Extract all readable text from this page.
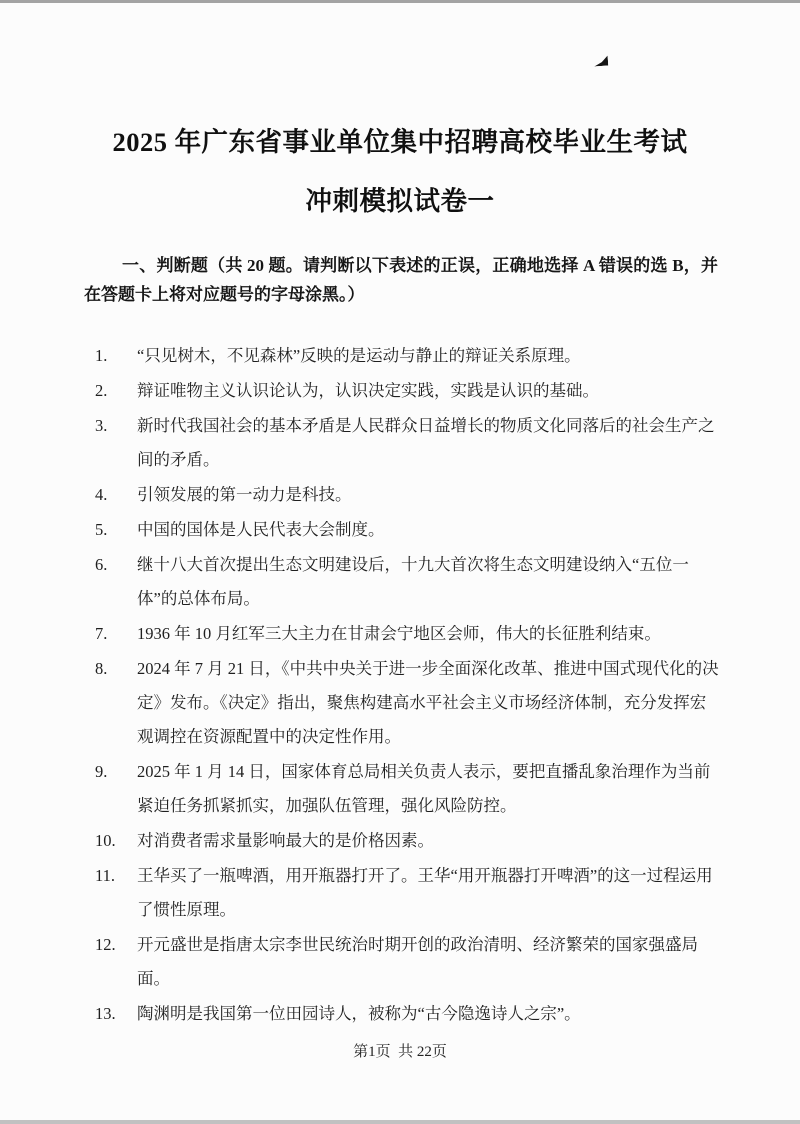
2025 年广东省事业单位集中招聘高校毕业生考试
冲刺模拟试卷一

一、判断题（共 20 题。请判断以下表述的正误，正确地选择 A 错误的选 B，并在答题卡上将对应题号的字母涂黑。）

1.	“只见树木，不见森林”反映的是运动与静止的辩证关系原理。
2.	辩证唯物主义认识论认为，认识决定实践，实践是认识的基础。
3.	新时代我国社会的基本矛盾是人民群众日益增长的物质文化同落后的社会生产之间的矛盾。
4.	引领发展的第一动力是科技。
5.	中国的国体是人民代表大会制度。
6.	继十八大首次提出生态文明建设后，十九大首次将生态文明建设纳入“五位一体”的总体布局。
7.	1936 年 10 月红军三大主力在甘肃会宁地区会师，伟大的长征胜利结束。
8.	2024 年 7 月 21 日，《中共中央关于进一步全面深化改革、推进中国式现代化的决定》发布。《决定》指出，聚焦构建高水平社会主义市场经济体制，充分发挥宏观调控在资源配置中的决定性作用。
9.	2025 年 1 月 14 日，国家体育总局相关负责人表示，要把直播乱象治理作为当前紧迫任务抓紧抓实，加强队伍管理，强化风险防控。
10.	对消费者需求量影响最大的是价格因素。
11.	王华买了一瓶啤酒，用开瓶器打开了。王华“用开瓶器打开啤酒”的这一过程运用了惯性原理。
12.	开元盛世是指唐太宗李世民统治时期开创的政治清明、经济繁荣的国家强盛局面。
13.	陶渊明是我国第一位田园诗人，被称为“古今隐逸诗人之宗”。
第1页  共 22页
